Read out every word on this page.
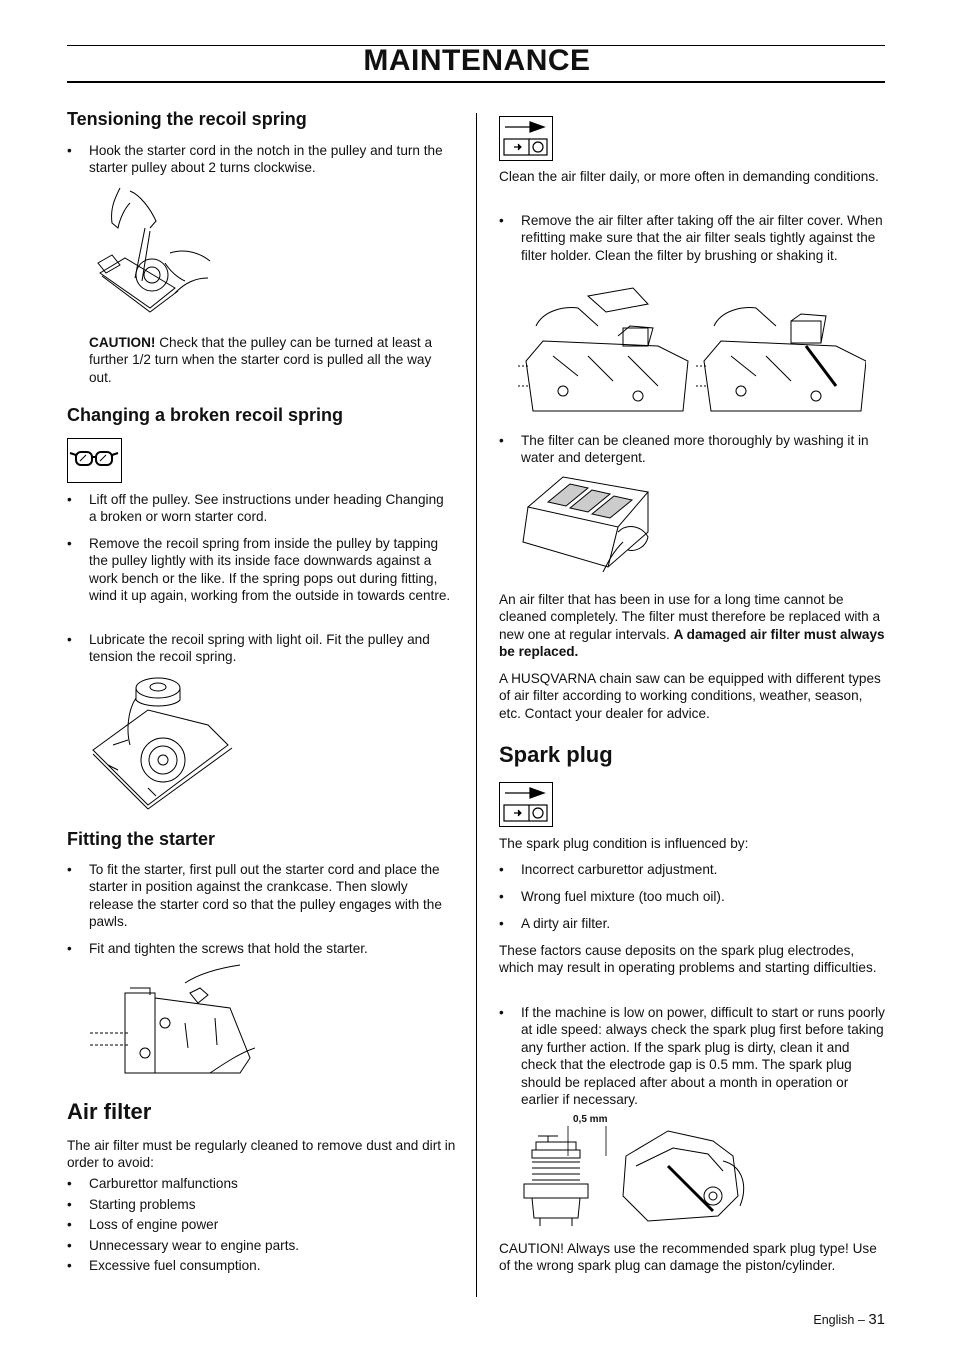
MAINTENANCE
Tensioning the recoil spring
• Hook the starter cord in the notch in the pulley and turn the starter pulley about 2 turns clockwise.
CAUTION! Check that the pulley can be turned at least a further 1/2 turn when the starter cord is pulled all the way out.
Changing a broken recoil spring
• Lift off the pulley. See instructions under heading Changing a broken or worn starter cord.
• Remove the recoil spring from inside the pulley by tapping the pulley lightly with its inside face downwards against a work bench or the like. If the spring pops out during fitting, wind it up again, working from the outside in towards centre.
• Lubricate the recoil spring with light oil. Fit the pulley and tension the recoil spring.
Fitting the starter
• To fit the starter, first pull out the starter cord and place the starter in position against the crankcase. Then slowly release the starter cord so that the pulley engages with the pawls.
• Fit and tighten the screws that hold the starter.
Air filter
The air filter must be regularly cleaned to remove dust and dirt in order to avoid:
• Carburettor malfunctions
• Starting problems
• Loss of engine power
• Unnecessary wear to engine parts.
• Excessive fuel consumption.
Clean the air filter daily, or more often in demanding conditions.
• Remove the air filter after taking off the air filter cover. When refitting make sure that the air filter seals tightly against the filter holder. Clean the filter by brushing or shaking it.
• The filter can be cleaned more thoroughly by washing it in water and detergent.
An air filter that has been in use for a long time cannot be cleaned completely. The filter must therefore be replaced with a new one at regular intervals. A damaged air filter must always be replaced.
A HUSQVARNA chain saw can be equipped with different types of air filter according to working conditions, weather, season, etc. Contact your dealer for advice.
Spark plug
The spark plug condition is influenced by:
• Incorrect carburettor adjustment.
• Wrong fuel mixture (too much oil).
• A dirty air filter.
These factors cause deposits on the spark plug electrodes, which may result in operating problems and starting difficulties.
• If the machine is low on power, difficult to start or runs poorly at idle speed: always check the spark plug first before taking any further action. If the spark plug is dirty, clean it and check that the electrode gap is 0.5 mm. The spark plug should be replaced after about a month in operation or earlier if necessary.
0,5 mm
CAUTION! Always use the recommended spark plug type! Use of the wrong spark plug can damage the piston/cylinder.
English – 31
